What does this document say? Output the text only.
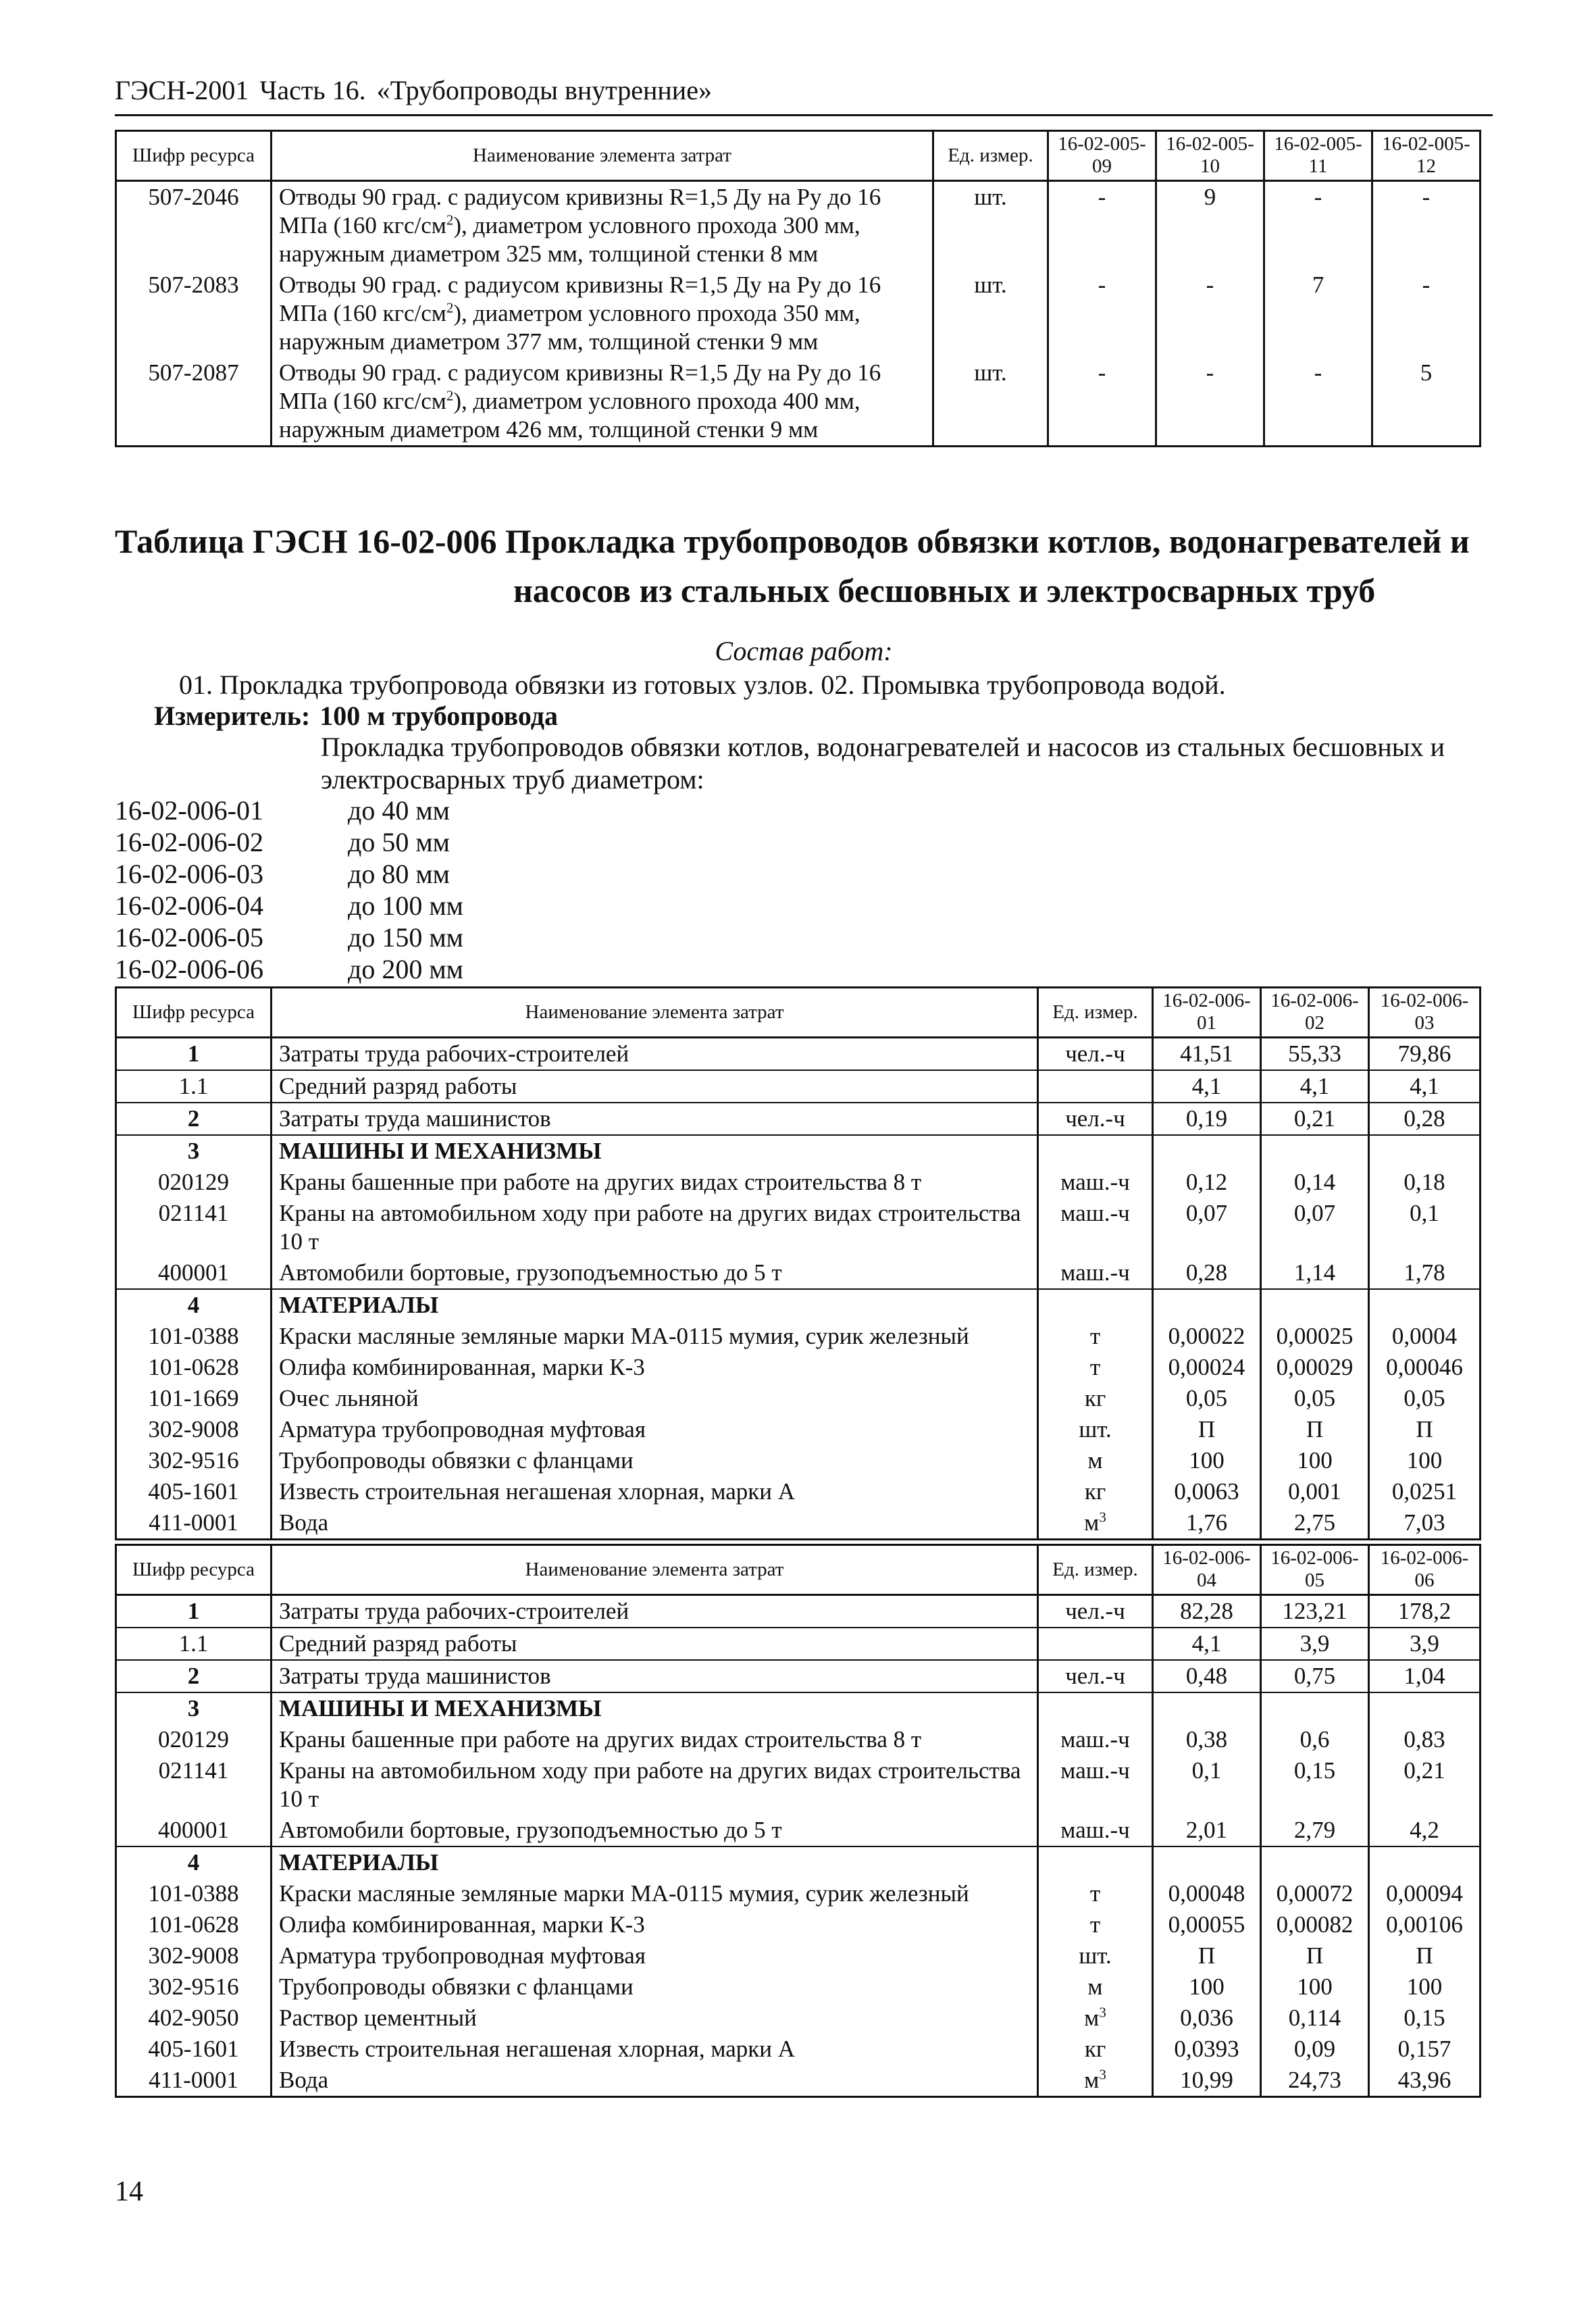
ГЭСН-2001 Часть 16. «Трубопроводы внутренние»
Шифр ресурса	Наименование элемента затрат	Ед. измер.	16-02-005-09	16-02-005-10	16-02-005-11	16-02-005-12
507-2046	Отводы 90 град. с радиусом кривизны R=1,5 Ду на Ру до 16 МПа (160 кгс/$см^2$), диаметром условного прохода 300 мм, наружным диаметром 325 мм, толщиной стенки 8 мм	шт.	-	9	-	-
507-2083	Отводы 90 град. с радиусом кривизны R=1,5 Ду на Ру до 16 МПа (160 кгс/$см^2$), диаметром условного прохода 350 мм, наружным диаметром 377 мм, толщиной стенки 9 мм	шт.	-	-	7	-
507-2087	Отводы 90 град. с радиусом кривизны R=1,5 Ду на Ру до 16 МПа (160 кгс/$см^2$), диаметром условного прохода 400 мм, наружным диаметром 426 мм, толщиной стенки 9 мм	шт.	-	-	-	5
Таблица ГЭСН 16-02-006 Прокладка трубопроводов обвязки котлов, водонагревателей и
насосов из стальных бесшовных и электросварных труб
Состав работ:
01. Прокладка трубопровода обвязки из готовых узлов. 02. Промывка трубопровода водой.
Измеритель: 100 м трубопровода
Прокладка трубопроводов обвязки котлов, водонагревателей и насосов из стальных бесшовных и электросварных труб диаметром:
16-02-006-01	до 40 мм
16-02-006-02	до 50 мм
16-02-006-03	до 80 мм
16-02-006-04	до 100 мм
16-02-006-05	до 150 мм
16-02-006-06	до 200 мм
Шифр ресурса	Наименование элемента затрат	Ед. измер.	16-02-006-01	16-02-006-02	16-02-006-03
1	Затраты труда рабочих-строителей	чел.-ч	41,51	55,33	79,86
1.1	Средний разряд работы		4,1	4,1	4,1
2	Затраты труда машинистов	чел.-ч	0,19	0,21	0,28
3	МАШИНЫ И МЕХАНИЗМЫ				
020129	Краны башенные при работе на других видах строительства 8 т	маш.-ч	0,12	0,14	0,18
021141	Краны на автомобильном ходу при работе на других видах строительства 10 т	маш.-ч	0,07	0,07	0,1
400001	Автомобили бортовые, грузоподъемностью до 5 т	маш.-ч	0,28	1,14	1,78
4	МАТЕРИАЛЫ				
101-0388	Краски масляные земляные марки МА-0115 мумия, сурик железный	т	0,00022	0,00025	0,0004
101-0628	Олифа комбинированная, марки К-3	т	0,00024	0,00029	0,00046
101-1669	Очес льняной	кг	0,05	0,05	0,05
302-9008	Арматура трубопроводная муфтовая	шт.	П	П	П
302-9516	Трубопроводы обвязки с фланцами	м	100	100	100
405-1601	Известь строительная негашеная хлорная, марки А	кг	0,0063	0,001	0,0251
411-0001	Вода	$м^3$	1,76	2,75	7,03
Шифр ресурса	Наименование элемента затрат	Ед. измер.	16-02-006-04	16-02-006-05	16-02-006-06
1	Затраты труда рабочих-строителей	чел.-ч	82,28	123,21	178,2
1.1	Средний разряд работы		4,1	3,9	3,9
2	Затраты труда машинистов	чел.-ч	0,48	0,75	1,04
3	МАШИНЫ И МЕХАНИЗМЫ				
020129	Краны башенные при работе на других видах строительства 8 т	маш.-ч	0,38	0,6	0,83
021141	Краны на автомобильном ходу при работе на других видах строительства 10 т	маш.-ч	0,1	0,15	0,21
400001	Автомобили бортовые, грузоподъемностью до 5 т	маш.-ч	2,01	2,79	4,2
4	МАТЕРИАЛЫ				
101-0388	Краски масляные земляные марки МА-0115 мумия, сурик железный	т	0,00048	0,00072	0,00094
101-0628	Олифа комбинированная, марки К-3	т	0,00055	0,00082	0,00106
302-9008	Арматура трубопроводная муфтовая	шт.	П	П	П
302-9516	Трубопроводы обвязки с фланцами	м	100	100	100
402-9050	Раствор цементный	$м^3$	0,036	0,114	0,15
405-1601	Известь строительная негашеная хлорная, марки А	кг	0,0393	0,09	0,157
411-0001	Вода	$м^3$	10,99	24,73	43,96
14
